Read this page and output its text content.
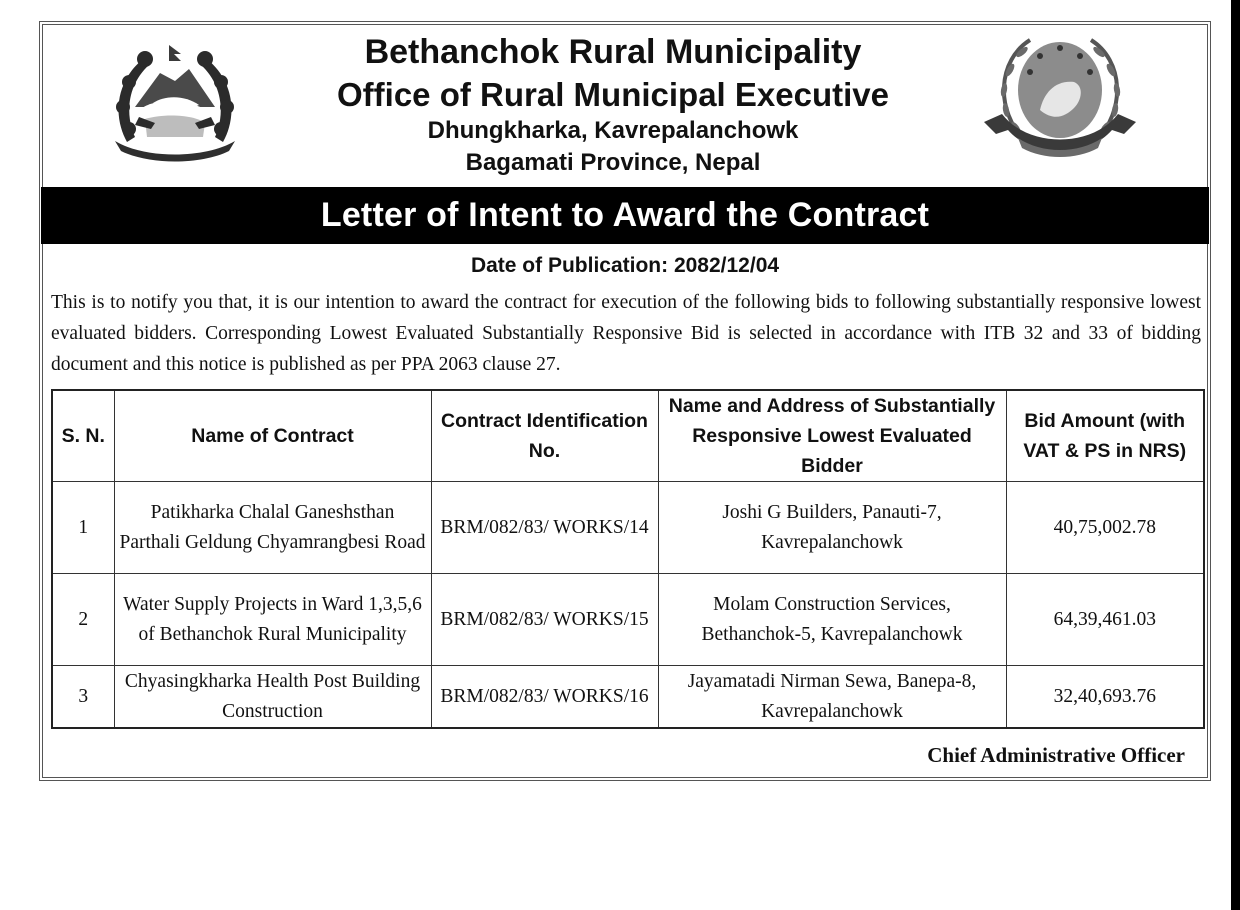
Bethanchok Rural Municipality
Office of Rural Municipal Executive
Dhungkharka, Kavrepalanchowk
Bagamati Province, Nepal
Letter of Intent to Award the Contract
Date of Publication: 2082/12/04
This is to notify you that, it is our intention to award the contract for execution of the following bids to following substantially responsive lowest evaluated bidders. Corresponding Lowest Evaluated Substantially Responsive Bid is selected in accordance with ITB 32 and 33 of bidding document and this notice is published as per PPA 2063 clause 27.
S. N.	Name of Contract	Contract Identification No.	Name and Address of Substantially Responsive Lowest Evaluated Bidder	Bid Amount (with VAT & PS in NRS)
1	Patikharka Chalal Ganeshsthan Parthali Geldung Chyamrangbesi Road	BRM/082/83/ WORKS/14	Joshi G Builders, Panauti-7, Kavrepalanchowk	40,75,002.78
2	Water Supply Projects in Ward 1,3,5,6 of Bethanchok Rural Municipality	BRM/082/83/ WORKS/15	Molam Construction Services, Bethanchok-5, Kavrepalanchowk	64,39,461.03
3	Chyasingkharka Health Post Building Construction	BRM/082/83/ WORKS/16	Jayamatadi Nirman Sewa, Banepa-8, Kavrepalanchowk	32,40,693.76
Chief Administrative Officer
